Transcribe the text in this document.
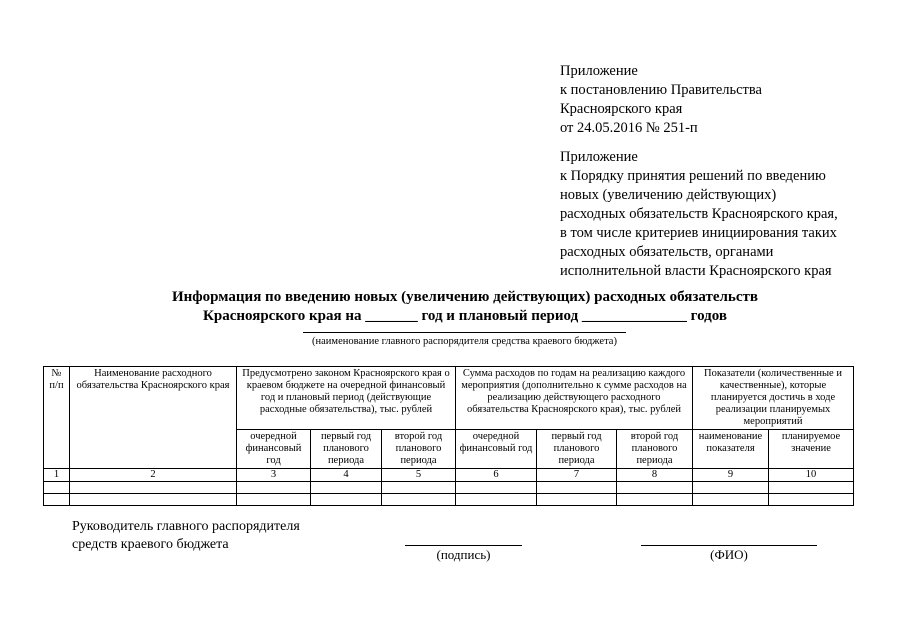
Приложение
к постановлению Правительства
Красноярского края
от 24.05.2016 № 251-п
Приложение
к Порядку принятия решений по введению
новых (увеличению действующих)
расходных обязательств Красноярского края,
в том числе критериев инициирования таких
расходных обязательств, органами
исполнительной власти Красноярского края
Информация по введению новых (увеличению действующих) расходных обязательств
Красноярского края на _______ год и плановый период ______________ годов
(наименование главного распорядителя средства краевого бюджета)
№ п/п	Наименование расходного обязательства Красноярского края	Предусмотрено законом Красноярского края о краевом бюджете на очередной финансовый год и плановый период (действующие расходные обязательства), тыс. рублей			Сумма расходов по годам на реализацию каждого мероприятия (дополнительно к сумме расходов на реализацию действующего расходного обязательства Красноярского края), тыс. рублей			Показатели (количественные и качественные), которые планируется достичь в ходе реализации планируемых мероприятий	
		очередной финансовый год	первый год планового периода	второй год планового периода	очередной финансовый год	первый год планового периода	второй год планового периода	наименование показателя	планируемое значение
1	2	3	4	5	6	7	8	9	10

Руководитель главного распорядителя
средств краевого бюджета
(подпись)	(ФИО)
